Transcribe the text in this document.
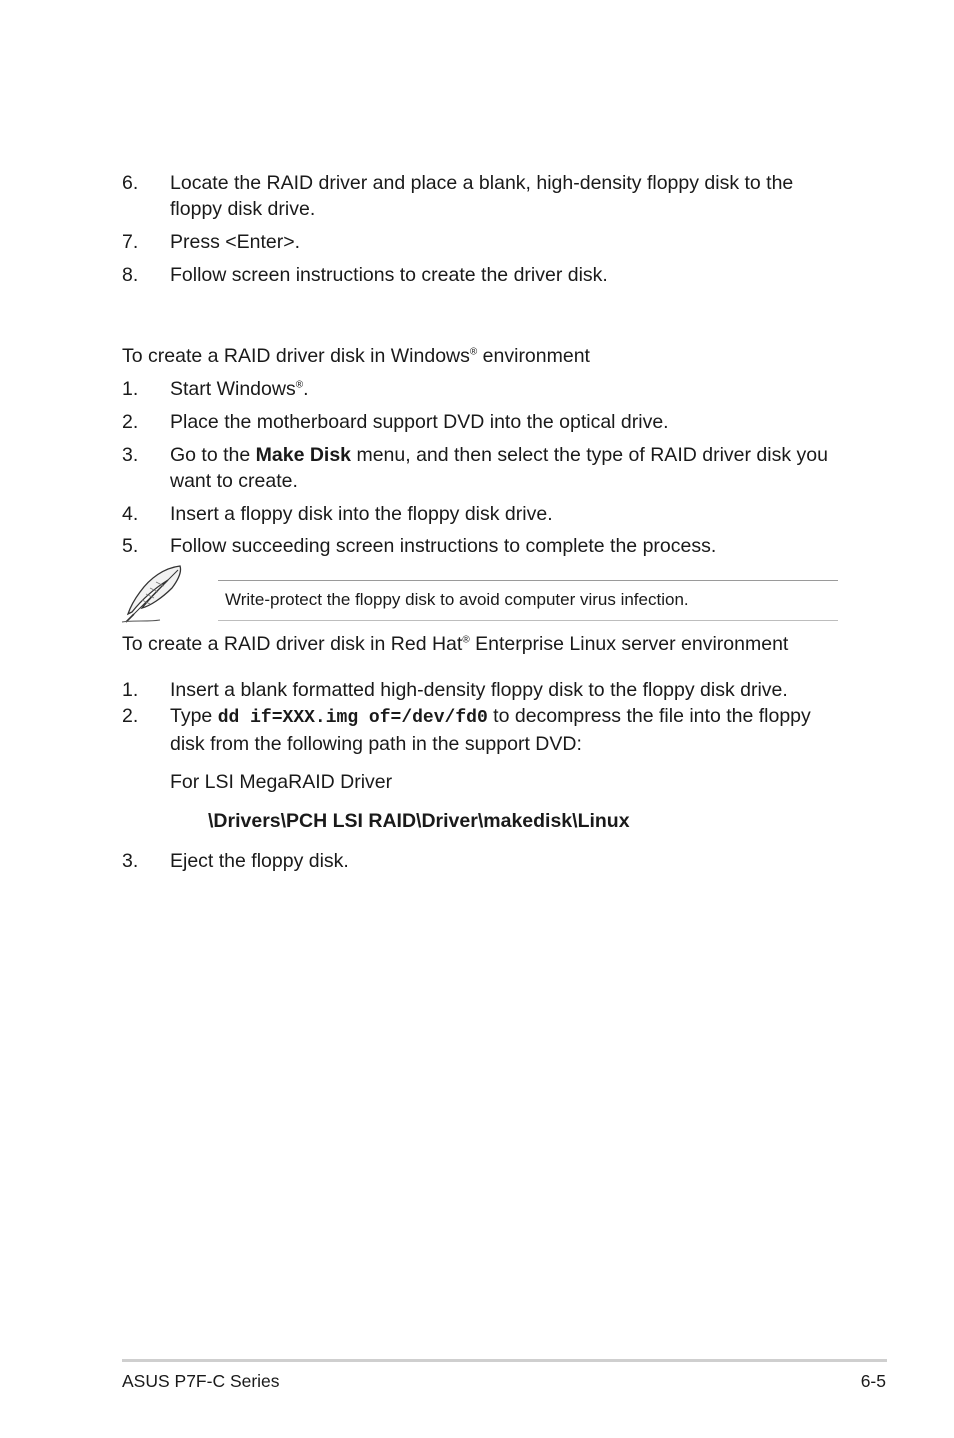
6. Locate the RAID driver and place a blank, high-density floppy disk to the floppy disk drive.
7. Press <Enter>.
8. Follow screen instructions to create the driver disk.
To create a RAID driver disk in Windows® environment
1. Start Windows®.
2. Place the motherboard support DVD into the optical drive.
3. Go to the Make Disk menu, and then select the type of RAID driver disk you want to create.
4. Insert a floppy disk into the floppy disk drive.
5. Follow succeeding screen instructions to complete the process.
Write-protect the floppy disk to avoid computer virus infection.
To create a RAID driver disk in Red Hat® Enterprise Linux server environment
1. Insert a blank formatted high-density floppy disk to the floppy disk drive.
2. Type dd if=XXX.img of=/dev/fd0 to decompress the file into the floppy disk from the following path in the support DVD:
For LSI MegaRAID Driver
\Drivers\PCH LSI RAID\Driver\makedisk\Linux
3. Eject the floppy disk.
ASUS P7F-C Series	6-5
